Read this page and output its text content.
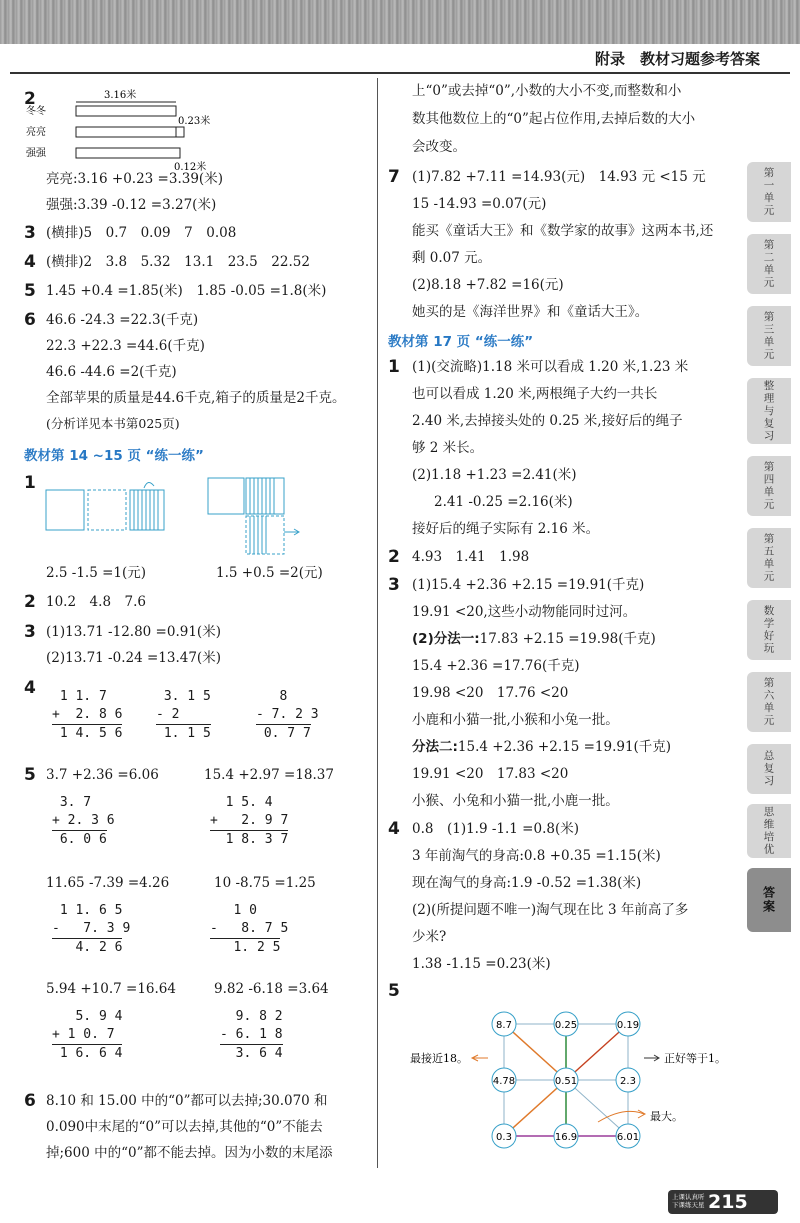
附录　教材习题参考答案
2	3.16米
冬冬
亮亮
0.23米
强强
0.12米
亮亮:3.16 +0.23 =3.39(米)
强强:3.39 -0.12 =3.27(米)
3 (横排)5　0.7　0.09　7　0.08
4 (横排)2　3.8　5.32　13.1　23.5　22.52
5 1.45 +0.4 =1.85(米)　1.85 -0.05 =1.8(米)
6 46.6 -24.3 =22.3(千克)
22.3 +22.3 =44.6(千克)
46.6 -44.6 =2(千克)
全部苹果的质量是44.6千克,箱子的质量是2千克。
(分析详见本书第025页)
教材第 14 ~15 页 “练一练”
1
2.5 -1.5 =1(元)	1.5 +0.5 =2(元)
2 10.2　4.8　7.6
3 (1)13.71 -12.80 =0.91(米)
(2)13.71 -0.24 =13.47(米)
4 1 1. 7
+  2. 8 6
1 4. 5 6
3. 1 5
- 2
1. 1 5
8
- 7. 2 3
0. 7 7
5 3.7 +2.36 =6.06	15.4 +2.97 =18.37
3. 7
+ 2. 3 6
6. 0 6
1 5. 4
+   2. 9 7
1 8. 3 7
11.65 -7.39 =4.26	10 -8.75 =1.25
1 1. 6 5
-   7. 3 9
4. 2 6
1 0
-   8. 7 5
1. 2 5
5.94 +10.7 =16.64	9.82 -6.18 =3.64
5. 9 4
+ 1 0. 7
1 6. 6 4
9. 8 2
- 6. 1 8
3. 6 4
6 8.10 和 15.00 中的“0”都可以去掉;30.070 和
0.090中末尾的“0”可以去掉,其他的“0”不能去
掉;600 中的“0”都不能去掉。因为小数的末尾添
上“0”或去掉“0”,小数的大小不变,而整数和小
数其他数位上的“0”起占位作用,去掉后数的大小
会改变。
7 (1)7.82 +7.11 =14.93(元)　14.93 元 <15 元
15 -14.93 =0.07(元)
能买《童话大王》和《数学家的故事》这两本书,还
剩 0.07 元。
(2)8.18 +7.82 =16(元)
她买的是《海洋世界》和《童话大王》。
教材第 17 页 “练一练”
1 (1)(交流略)1.18 米可以看成 1.20 米,1.23 米
也可以看成 1.20 米,两根绳子大约一共长
2.40 米,去掉接头处的 0.25 米,接好后的绳子
够 2 米长。
(2)1.18 +1.23 =2.41(米)
2.41 -0.25 =2.16(米)
接好后的绳子实际有 2.16 米。
2 4.93　1.41　1.98
3 (1)15.4 +2.36 +2.15 =19.91(千克)
19.91 <20,这些小动物能同时过河。
(2)分法一:17.83 +2.15 =19.98(千克)
15.4 +2.36 =17.76(千克)
19.98 <20　17.76 <20
小鹿和小猫一批,小猴和小兔一批。
分法二:15.4 +2.36 +2.15 =19.91(千克)
19.91 <20　17.83 <20
小猴、小兔和小猫一批,小鹿一批。
4 0.8　(1)1.9 -1.1 =0.8(米)
3 年前淘气的身高:0.8 +0.35 =1.15(米)
现在淘气的身高:1.9 -0.52 =1.38(米)
(2)(所提问题不唯一)淘气现在比 3 年前高了多
少米?
1.38 -1.15 =0.23(米)
5
8.7	0.25	0.19
4.78	0.51	2.3
0.3	16.9	6.01
最接近18。	正好等于1。
最大。
第一单元
第二单元
第三单元
整理与复习
第四单元
第五单元
数学好玩
第六单元
总复习
思维培优
答案
上课认真听 下课练天星 215
